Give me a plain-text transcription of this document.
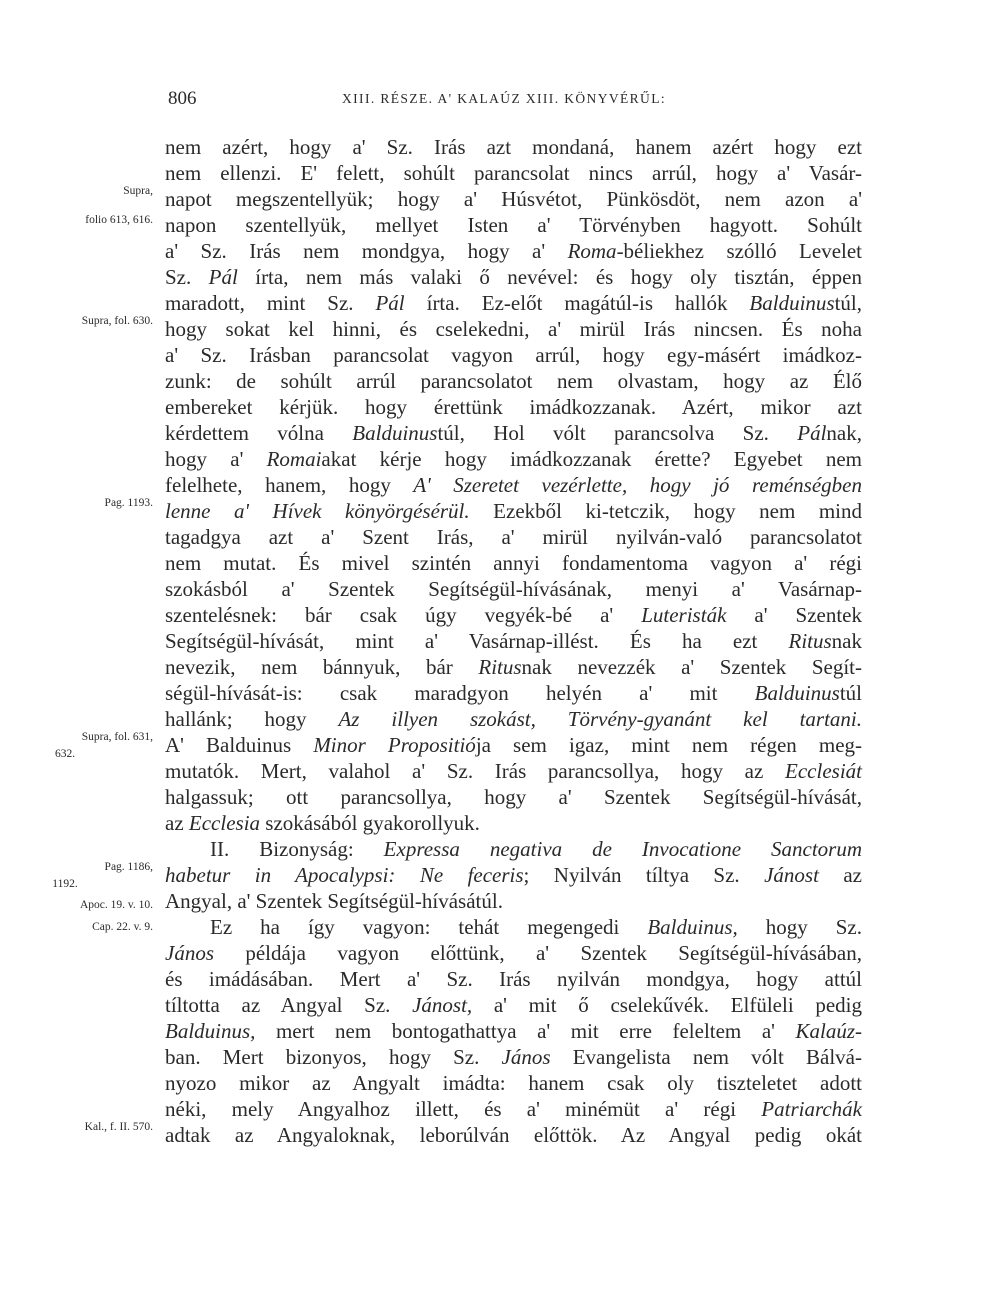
806	XIII. RÉSZE. A' KALAÚZ XIII. KÖNYVÉRŰL:
nem azért, hogy a' Sz. Irás azt mondaná, hanem azért hogy ezt
nem ellenzi. E' felett, sohúlt parancsolat nincs arrúl, hogy a' Vasár-
napot megszentellyük; hogy a' Húsvétot, Pünkösdöt, nem azon a'
napon szentellyük, mellyet Isten a' Törvényben hagyott. Sohúlt
a' Sz. Irás nem mondgya, hogy a' Roma-béliekhez szólló Levelet
Sz. Pál írta, nem más valaki ő nevével: és hogy oly tisztán, éppen
maradott, mint Sz. Pál írta. Ez-előt magátúl-is hallók Balduinustúl,
hogy sokat kel hinni, és cselekedni, a' mirül Irás nincsen. És noha
a' Sz. Irásban parancsolat vagyon arrúl, hogy egy-másért imádkoz-
zunk: de sohúlt arrúl parancsolatot nem olvastam, hogy az Élő
embereket kérjük. hogy érettünk imádkozzanak. Azért, mikor azt
kérdettem vólna Balduinustúl, Hol vólt parancsolva Sz. Pálnak,
hogy a' Romaiakat kérje hogy imádkozzanak érette? Egyebet nem
felelhete, hanem, hogy A' Szeretet vezérlette, hogy jó reménségben
lenne a' Hívek könyörgésérül. Ezekből ki-tetczik, hogy nem mind
tagadgya azt a' Szent Irás, a' mirül nyilván-való parancsolatot
nem mutat. És mivel szintén annyi fondamentoma vagyon a' régi
szokásból a' Szentek Segítségül-hívásának, menyi a' Vasárnap-
szentelésnek: bár csak úgy vegyék-bé a' Luteristák a' Szentek
Segítségül-hívását, mint a' Vasárnap-illést. És ha ezt Ritusnak
nevezik, nem bánnyuk, bár Ritusnak nevezzék a' Szentek Segít-
ségül-hívását-is: csak maradgyon helyén a' mit Balduinustúl
hallánk; hogy Az illyen szokást, Törvény-gyanánt kel tartani.
A' Balduinus Minor Propositiója sem igaz, mint nem régen meg-
mutatók. Mert, valahol a' Sz. Irás parancsollya, hogy az Ecclesiát
halgassuk; ott parancsollya, hogy a' Szentek Segítségül-hívását,
az Ecclesia szokásából gyakorollyuk.
II. Bizonyság: Expressa negativa de Invocatione Sanctorum
habetur in Apocalypsi: Ne feceris; Nyilván tíltya Sz. Jánost az
Angyal, a' Szentek Segítségül-hívásátúl.
Ez ha így vagyon: tehát megengedi Balduinus, hogy Sz.
János példája vagyon előttünk, a' Szentek Segítségül-hívásában,
és imádásában. Mert a' Sz. Irás nyilván mondgya, hogy attúl
tíltotta az Angyal Sz. Jánost, a' mit ő cselekűvék. Elfüleli pedig
Balduinus, mert nem bontogathattya a' mit erre feleltem a' Kalaúz-
ban. Mert bizonyos, hogy Sz. János Evangelista nem vólt Bálvá-
nyozo mikor az Angyalt imádta: hanem csak oly tiszteletet adott
néki, mely Angyalhoz illett, és a' minémüt a' régi Patriarchák
adtak az Angyaloknak, leborúlván előttök. Az Angyal pedig okát
Supra,
folio 613, 616.
Supra, fol. 630.
Pag. 1193.
Supra, fol. 631,
632.
Pag. 1186,
1192.
Apoc. 19. v. 10.
Cap. 22. v. 9.
Kal., f. II. 570.
